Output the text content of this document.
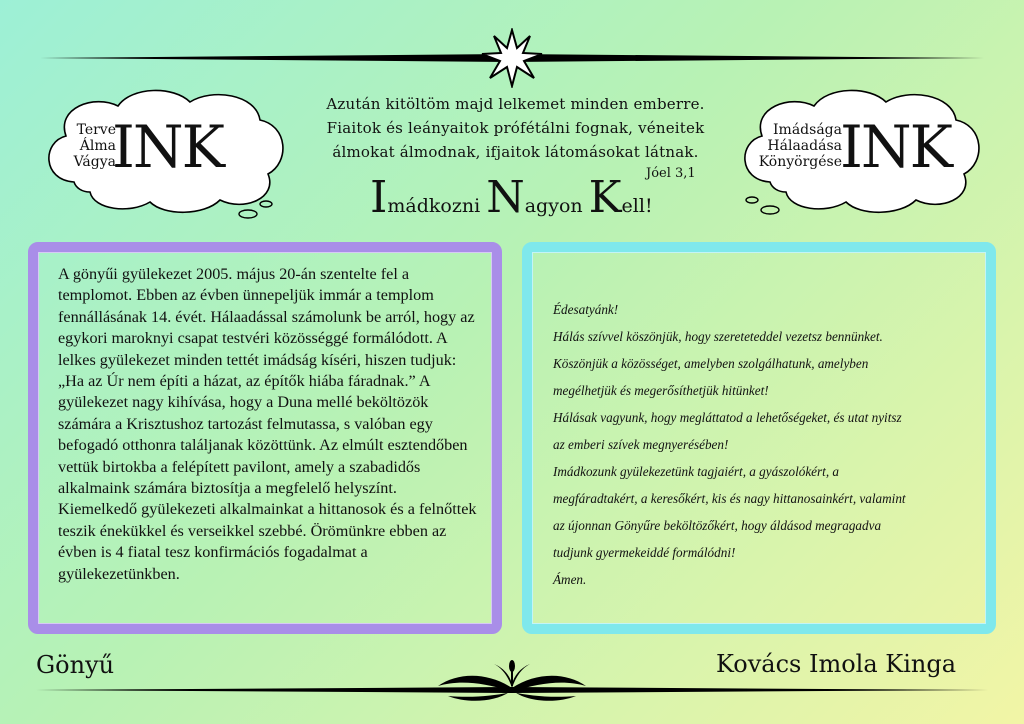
Terve
Álma
Vágya
INK	Imádsága
Hálaadása
Könyörgése
INK
Azután kitöltöm majd lelkemet minden emberre.
Fiaitok és leányaitok prófétálni fognak, véneitek
álmokat álmodnak, ifjaitok látomásokat látnak.
Jóel 3,1
Imádkozni Nagyon Kell!
A gönyűi gyülekezet 2005. május 20-án szentelte fel a templomot. Ebben az évben ünnepeljük immár a templom fennállásának 14. évét. Hálaadással számolunk be arról, hogy az egykori maroknyi csapat testvéri közösséggé formálódott. A lelkes gyülekezet minden tettét imádság kíséri, hiszen tudjuk: „Ha az Úr nem építi a házat, az építők hiába fáradnak.” A gyülekezet nagy kihívása, hogy a Duna mellé beköltözök számára a Krisztushoz tartozást felmutassa, s valóban egy befogadó otthonra találjanak közöttünk. Az elmúlt esztendőben vettük birtokba a felépített pavilont, amely a szabadidős alkalmaink számára biztosítja a megfelelő helyszínt. Kiemelkedő gyülekezeti alkalmainkat a hittanosok és a felnőttek teszik énekükkel és verseikkel szebbé. Örömünkre ebben az évben is 4 fiatal tesz konfirmációs fogadalmat a gyülekezetünkben.
Édesatyánk!
Hálás szívvel köszönjük, hogy szereteteddel vezetsz bennünket.
Köszönjük a közösséget, amelyben szolgálhatunk, amelyben
megélhetjük és megerősíthetjük hitünket!
Hálásak vagyunk, hogy megláttatod a lehetőségeket, és utat nyitsz
az emberi szívek megnyerésében!
Imádkozunk gyülekezetünk tagjaiért, a gyászolókért, a
megfáradtakért, a keresőkért, kis és nagy hittanosainkért, valamint
az újonnan Gönyűre beköltözőkért, hogy áldásod megragadva
tudjunk gyermekeiddé formálódni!
Ámen.
Gönyű	Kovács Imola Kinga
